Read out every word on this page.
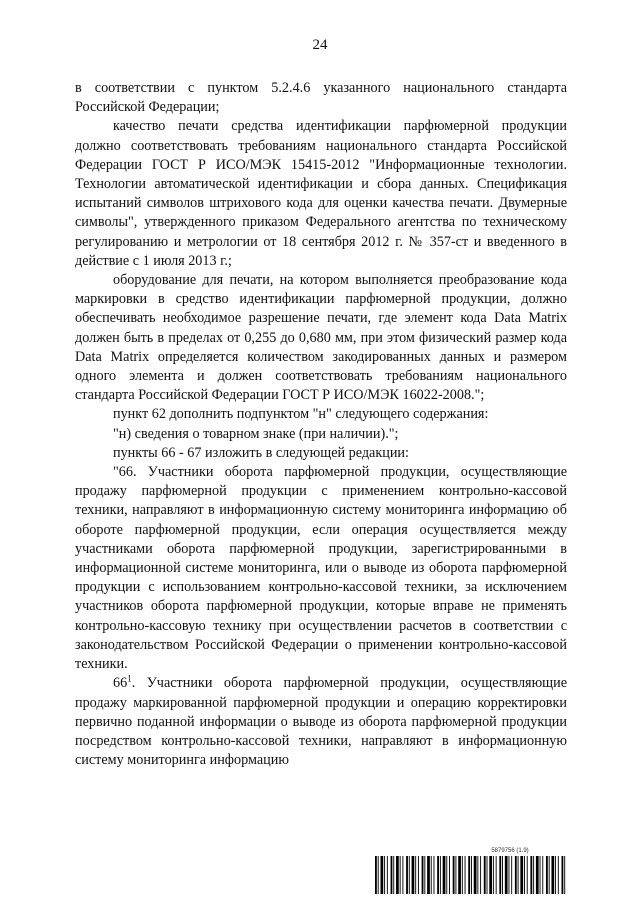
24

в соответствии с пунктом 5.2.4.6 указанного национального стандарта Российской Федерации;

качество печати средства идентификации парфюмерной продукции должно соответствовать требованиям национального стандарта Российской Федерации ГОСТ Р ИСО/МЭК 15415-2012 "Информационные технологии. Технологии автоматической идентификации и сбора данных. Спецификация испытаний символов штрихового кода для оценки качества печати. Двумерные символы", утвержденного приказом Федерального агентства по техническому регулированию и метрологии от 18 сентября 2012 г. № 357-ст и введенного в действие с 1 июля 2013 г.;

оборудование для печати, на котором выполняется преобразование кода маркировки в средство идентификации парфюмерной продукции, должно обеспечивать необходимое разрешение печати, где элемент кода Data Matrix должен быть в пределах от 0,255 до 0,680 мм, при этом физический размер кода Data Matrix определяется количеством закодированных данных и размером одного элемента и должен соответствовать требованиям национального стандарта Российской Федерации ГОСТ Р ИСО/МЭК 16022-2008.";

пункт 62 дополнить подпунктом "н" следующего содержания:

"н) сведения о товарном знаке (при наличии).";

пункты 66 - 67 изложить в следующей редакции:

"66. Участники оборота парфюмерной продукции, осуществляющие продажу парфюмерной продукции с применением контрольно-кассовой техники, направляют в информационную систему мониторинга информацию об обороте парфюмерной продукции, если операция осуществляется между участниками оборота парфюмерной продукции, зарегистрированными в информационной системе мониторинга, или о выводе из оборота парфюмерной продукции с использованием контрольно-кассовой техники, за исключением участников оборота парфюмерной продукции, которые вправе не применять контрольно-кассовую технику при осуществлении расчетов в соответствии с законодательством Российской Федерации о применении контрольно-кассовой техники.

$66^1$. Участники оборота парфюмерной продукции, осуществляющие продажу маркированной парфюмерной продукции и операцию корректировки первично поданной информации о выводе из оборота парфюмерной продукции посредством контрольно-кассовой техники, направляют в информационную систему мониторинга информацию

5879756 (1.9)
